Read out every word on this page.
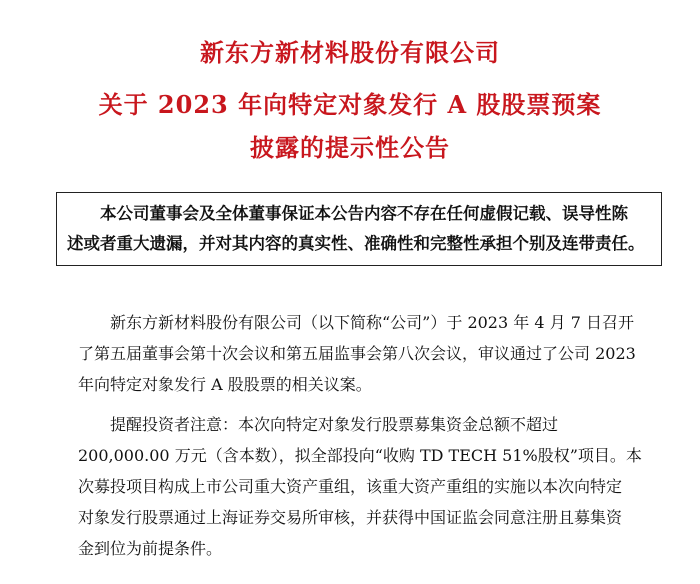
新东方新材料股份有限公司
关于 2023 年向特定对象发行 A 股股票预案
披露的提示性公告
本公司董事会及全体董事保证本公告内容不存在任何虚假记载、误导性陈
述或者重大遗漏，并对其内容的真实性、准确性和完整性承担个别及连带责任。
新东方新材料股份有限公司（以下简称“公司”）于 2023 年 4 月 7 日召开
了第五届董事会第十次会议和第五届监事会第八次会议，审议通过了公司 2023
年向特定对象发行 A 股股票的相关议案。
提醒投资者注意：本次向特定对象发行股票募集资金总额不超过
200,000.00 万元（含本数），拟全部投向“收购 TD TECH 51%股权”项目。本
次募投项目构成上市公司重大资产重组，该重大资产重组的实施以本次向特定
对象发行股票通过上海证券交易所审核，并获得中国证监会同意注册且募集资
金到位为前提条件。
